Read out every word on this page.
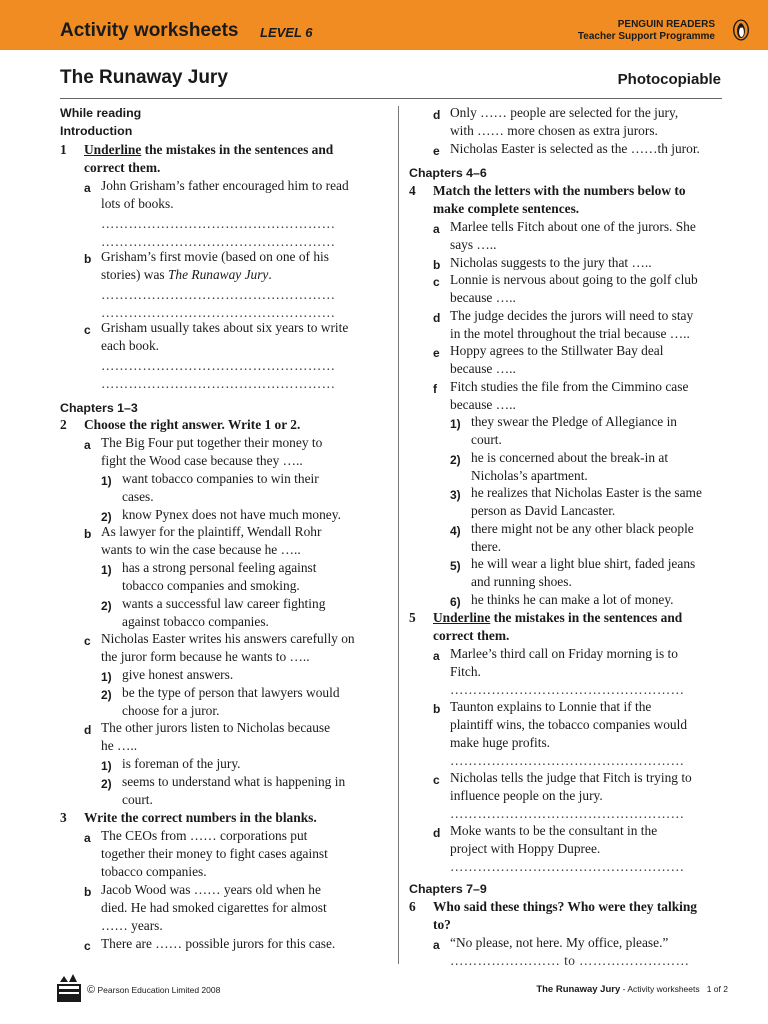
Activity worksheets LEVEL 6
PENGUIN READERS
Teacher Support Programme
The Runaway Jury	Photocopiable
While reading
Introduction
1 Underline the mistakes in the sentences and
correct them.
a John Grisham’s father encouraged him to read
lots of books.
……………………………………………
……………………………………………
b Grisham’s first movie (based on one of his
stories) was The Runaway Jury.
……………………………………………
……………………………………………
c Grisham usually takes about six years to write
each book.
……………………………………………
……………………………………………
Chapters 1–3
2 Choose the right answer. Write 1 or 2.
a The Big Four put together their money to
fight the Wood case because they …..
1) want tobacco companies to win their
cases.
2) know Pynex does not have much money.
b As lawyer for the plaintiff, Wendall Rohr
wants to win the case because he …..
1) has a strong personal feeling against
tobacco companies and smoking.
2) wants a successful law career fighting
against tobacco companies.
c Nicholas Easter writes his answers carefully on
the juror form because he wants to …..
1) give honest answers.
2) be the type of person that lawyers would
choose for a juror.
d The other jurors listen to Nicholas because
he …..
1) is foreman of the jury.
2) seems to understand what is happening in
court.
3 Write the correct numbers in the blanks.
a The CEOs from …… corporations put
together their money to fight cases against
tobacco companies.
b Jacob Wood was …… years old when he
died. He had smoked cigarettes for almost
…… years.
c There are …… possible jurors for this case.
d Only …… people are selected for the jury,
with …… more chosen as extra jurors.
e Nicholas Easter is selected as the ……th juror.
Chapters 4–6
4 Match the letters with the numbers below to
make complete sentences.
a Marlee tells Fitch about one of the jurors. She
says …..
b Nicholas suggests to the jury that …..
c Lonnie is nervous about going to the golf club
because …..
d The judge decides the jurors will need to stay
in the motel throughout the trial because …..
e Hoppy agrees to the Stillwater Bay deal
because …..
f Fitch studies the file from the Cimmino case
because …..
1) they swear the Pledge of Allegiance in
court.
2) he is concerned about the break-in at
Nicholas’s apartment.
3) he realizes that Nicholas Easter is the same
person as David Lancaster.
4) there might not be any other black people
there.
5) he will wear a light blue shirt, faded jeans
and running shoes.
6) he thinks he can make a lot of money.
5 Underline the mistakes in the sentences and
correct them.
a Marlee’s third call on Friday morning is to
Fitch.
……………………………………………
b Taunton explains to Lonnie that if the
plaintiff wins, the tobacco companies would
make huge profits.
……………………………………………
c Nicholas tells the judge that Fitch is trying to
influence people on the jury.
……………………………………………
d Moke wants to be the consultant in the
project with Hoppy Dupree.
……………………………………………
Chapters 7–9
6 Who said these things? Who were they talking
to?
a “No please, not here. My office, please.”
…………………… to ……………………
© Pearson Education Limited 2008	The Runaway Jury - Activity worksheets 1 of 2
